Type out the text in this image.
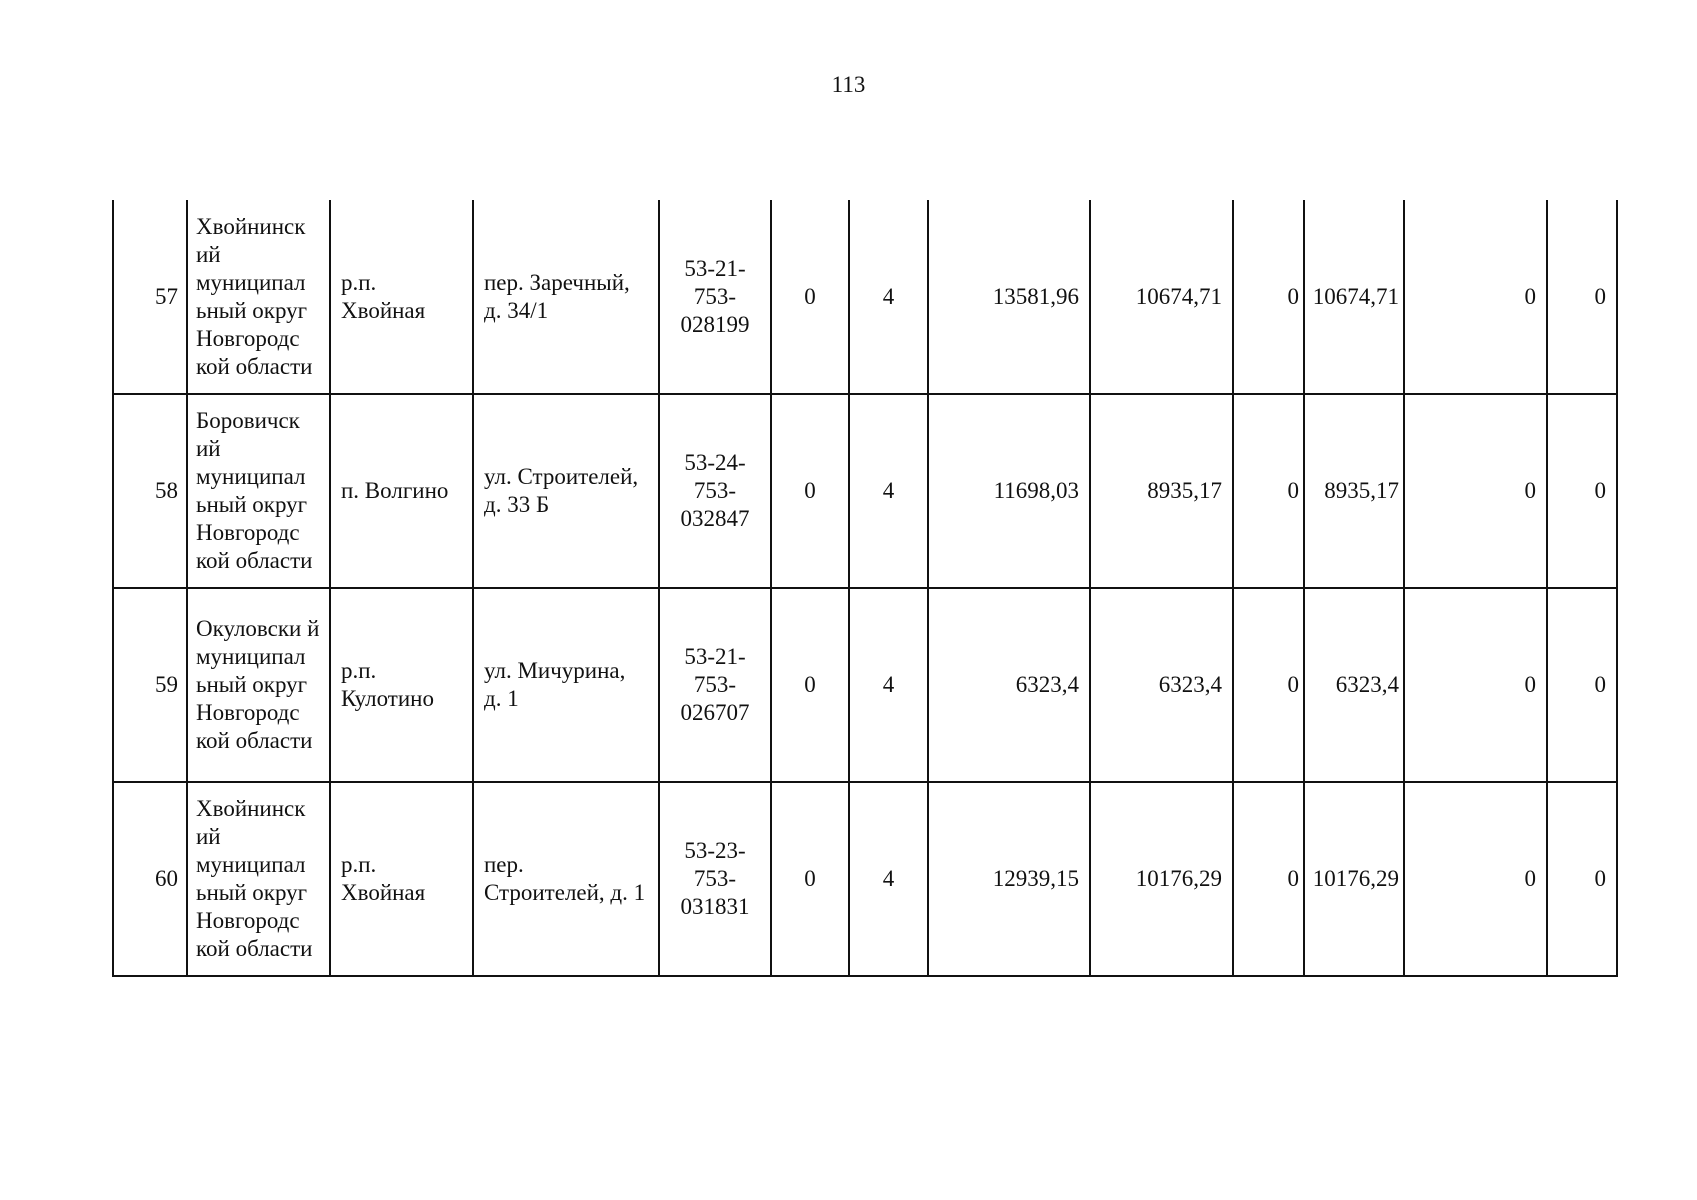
113
57	Хвойнинск ий муниципал ьный округ Новгородс кой области	р.п. Хвойная	пер. Заречный, д. 34/1	53-21- 753- 028199	0	4	13581,96	10674,71	0	10674,71	0	0
58	Боровичск ий муниципал ьный округ Новгородс кой области	п. Волгино	ул. Строителей, д. 33 Б	53-24- 753- 032847	0	4	11698,03	8935,17	0	8935,17	0	0
59	Окуловски й муниципал ьный округ Новгородс кой области	р.п. Кулотино	ул. Мичурина, д. 1	53-21- 753- 026707	0	4	6323,4	6323,4	0	6323,4	0	0
60	Хвойнинск ий муниципал ьный округ Новгородс кой области	р.п. Хвойная	пер. Строителей, д. 1	53-23- 753- 031831	0	4	12939,15	10176,29	0	10176,29	0	0
